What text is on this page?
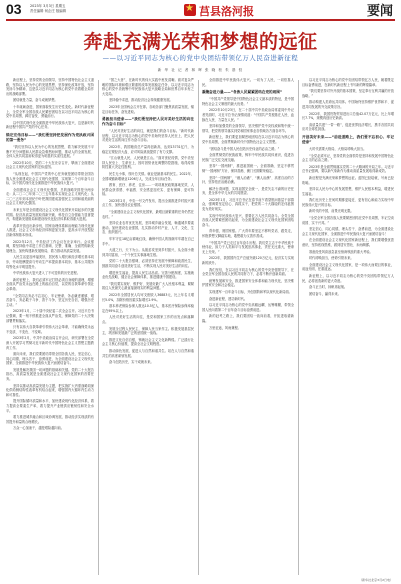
03 2023年 3月3日 星期五
责任编辑 何企庄 版编辑	★ 莒县洛河报	要闻
奔赴充满光荣和梦想的远征
——以习近平同志为核心的党中央团结带领亿万人民奋进新征程
新 华 社 记 者 林 晖 张 晓 松 朱 基 钗

新征程上，坚持党的全面领导，坚持中国特色社会主义道路，坚持以人民为中心的发展思想，坚持深化改革开放，坚持发扬斗争精神，这是以习近平同志为核心的党中央着眼全局作出的战略部署。

团结就是力量，奋斗成就梦想。

十年砥砺奋进，国家面貌发生历史性变化。新时代新征程上，全党全军全国各族人民紧密团结在以习近平同志为核心的党中央周围，踔厉奋发、勇毅前行。

以中国式现代化全面推进中华民族伟大复兴，这是新时代新征程中国共产党的中心任务。

锚定宏伟目标——“我们要坚持把发展作为党执政兴国的第一要务”

“我们坚持以人民为中心的发展思想，着力解决发展不平衡不充分问题和人民群众急难愁盼问题，推动人的全面发展、全体人民共同富裕取得更为明显的实质性进展。”

2022年10月，党的二十大在北京召开，擘画了全面建设社会主义现代化国家的宏伟蓝图。

“从现在起，中国共产党的中心任务就是团结带领全国各族人民全面建成社会主义现代化强国、实现第二个百年奋斗目标，以中国式现代化全面推进中华民族伟大复兴。”

全面建成社会主义现代化强国，总的战略安排是分两步走：从二〇二〇年到二〇三五年基本实现社会主义现代化；从二〇三五年到本世纪中叶把我国建成富强民主文明和谐美丽的社会主义现代化强国。

未来五年是全面建设社会主义现代化国家开局起步的关键时期。经济高质量发展取得新突破，科技自立自强能力显著提升，构建新发展格局和建设现代化经济体系取得重大进展。

改革开放迈出新步伐，国家治理体系和治理能力现代化深入推进，社会主义市场经济体制更加完善，更高水平开放型经济新体制基本形成。

2022年12月，中央经济工作会议在北京举行。会议强调，要坚持稳中求进工作总基调，完整、准确、全面贯彻新发展理念，加快构建新发展格局，着力推动高质量发展。

人民生活更加幸福美好，居民收入增长和经济增长基本同步，劳动报酬提高与劳动生产率提高基本同步，基本公共服务均等化水平明显提升。

中华民族伟大复兴进入了不可逆转的历史进程。

新的征程上，我们必须牢记打铁必须自身硬的道理，增强全面从严治党永远在路上的政治自觉，以党的自我革命引领社会革命。

“全党同志务必不忘初心、牢记使命，务必谦虚谨慎、艰苦奋斗，务必敢于斗争、善于斗争，坚定历史自信，增强历史主动。”

2023年1月，二十届中央纪委二次全会召开。习近平总书记强调，要一刻不停推进全面从严治党，保障党的二十大决策部署贯彻落实。

只有以伟大自我革命引领伟大社会革命，才能确保党永远不变质、不变色、不变味。

2023年2月，中共中央政治局召开会议，研究部署在全党深入开展学习贯彻习近平新时代中国特色社会主义思想主题教育工作。

面向未来，我们党要团结带领全国各族人民，坚定信心、同心同德，埋头苦干、奋勇前进，为全面建设社会主义现代化国家、全面推进中华民族伟大复兴而团结奋斗。

发展是解决我国一切问题的基础和关键。党的二十大报告指出，高质量发展是全面建设社会主义现代化国家的首要任务。

坚持以推动高质量发展为主题，把实施扩大内需战略同深化供给侧结构性改革有机结合起来，增强国内大循环内生动力和可靠性。

提升国际循环质量和水平，加快建设现代化经济体系，着力提高全要素生产率，着力提升产业链供应链韧性和安全水平。

着力推进城乡融合和区域协调发展，推动经济实现质的有效提升和量的合理增长。

万众一心加油干，越是艰险越向前。

“国之大者”，在新时代的伟大实践中愈发清晰。面对复杂严峻的国际环境和艰巨繁重的改革发展稳定任务，以习近平同志为核心的党中央统筹中华民族伟大复兴战略全局和世界百年未有之大变局。

坚持稳中求进，推动经济社会持续健康发展。

2023年全国两会召开在即。各地各部门聚焦高质量发展，锚定目标任务，奋发进取。

勇毅担当使命——“我们要坚持把人民对美好生活的向往作为奋斗目标”

“人民对美好生活的向往，就是我们的奋斗目标。”新时代新征程，以习近平同志为核心的党中央始终坚持人民至上，把人民对美好生活的向往作为奋斗目标。

2022年，我国粮食总产量再创新高，达到13731亿斤，为稳定宏观经济大盘、应对风险挑战提供了有力支撑。

“江山就是人民，人民就是江山。”面对世纪疫情，党中央坚持人民至上、生命至上，因时因势优化调整防控措施，取得疫情防控重大决定性胜利。

民生无小事，枝叶总关情。就业是最基本的民生。2022年，全国城镇新增就业1206万人，完成全年目标任务。

教育、医疗、养老、住房……一项项惠民政策落地见效，人民群众获得感、幸福感、安全感更加充实、更有保障、更可持续。

2023年2月，中央一号文件发布，提出全面推进乡村振兴重点工作，加快建设农业强国。

“全面建设社会主义现代化国家，最艰巨最繁重的任务仍然在农村。”

坚持农业农村优先发展，坚持城乡融合发展，畅通城乡要素流动。加快建设农业强国，扎实推动乡村产业、人才、文化、生态、组织振兴。

牢牢守住18亿亩耕地红线，确保中国人的饭碗牢牢端在自己手中。

大道之行，天下为公。从脱贫攻坚到乡村振兴，从全面小康到共同富裕，一个个民生实事落地生根。

党的二十大报告强调，必须坚持在发展中保障和改善民生，鼓励共同奋斗创造美好生活，不断实现人民对美好生活的向往。

增进民生福祉，提高人民生活品质。完善分配制度，实施就业优先战略，健全社会保障体系，推进健康中国建设。

“我们要实现好、维护好、发展好最广大人民根本利益，紧紧抓住人民最关心最直接最现实的利益问题。”

2022年全国居民人均可支配收入36883元，比上年名义增长5.0%，扣除价格因素实际增长2.9%。

基本养老保险参保人数达10.5亿人，基本医疗保险参保率稳定在95%以上。

人民对美好生活的向往，是党和国家工作的出发点和落脚点。

发展全过程人民民主，保障人民当家作主。积极发展基层民主，巩固和发展最广泛的爱国统一战线。

推进文化自信自强，铸就社会主义文化新辉煌。广泛践行社会主义核心价值观，提高全社会文明程度。

推动绿色发展，促进人与自然和谐共生。站在人与自然和谐共生的高度谋划发展。

奋斗创造历史，实干成就未来。

全面推进中华民族伟大复兴。一切为了人民，一切依靠人民。

凝聚奋进力量——“各族人民紧紧团结在党的周围”

“中国共产党领导是中国特色社会主义最本质的特征，是中国特色社会主义制度的最大优势。”

2022年10月23日，在二十届中共中央政治局常委同中外记者见面时，习近平总书记深情说道：“中国共产党根基在人民、血脉在人民、力量在人民。”

坚持和加强党的全面领导，坚决维护党中央权威和集中统一领导，把党的领导落实到党和国家事业各领域各方面各环节。

新征程上，我们要更加紧密地团结在以习近平同志为核心的党中央周围，全面贯彻新时代中国特色社会主义思想。

“团结奋斗是中国人民创造历史伟业的必由之路。”

全面贯彻党的民族政策，铸牢中华民族共同体意识，促进各民族广泛交往交流交融。

坚持“一国两制”，推进祖国统一。全面准确、坚定不移贯彻“一国两制”方针，保持香港、澳门长期繁荣稳定。

坚持“一国两制”、“港人治港”、“澳人治澳”、高度自治的方针，坚持依法治港治澳。

解决台湾问题、实现祖国完全统一，是党矢志不渝的历史任务，是全体中华儿女的共同愿望。

2023年1月，习近平总书记在春节前夕看望慰问基层干部群众，强调要坚定信心、真抓实干，把党的二十大描绘的宏伟蓝图变为美好现实。

实现中华民族伟大复兴，需要亿万人民共同奋斗。全党全国各族人民要紧密团结起来，为全面建设社会主义现代化国家团结奋斗。

青年强，则国家强。广大青年要坚定不移听党话、跟党走，怀抱梦想又脚踏实地，敢想敢为又善作善成。

“中国共产党已走过百年奋斗历程。我们党立志于中华民族千秋伟业，致力于人类和平与发展崇高事业，责任无比重大，使命无上光荣。”

2022年，我国国内生产总值突破120万亿元，经济实力实现新的跃升。

我们坚信，在以习近平同志为核心的党中央坚强领导下，在全党全军全国各族人民的共同努力下，必将不断开创新局面。

统筹发展和安全，推进国家安全体系和能力现代化，坚决维护国家安全和社会稳定。

实现建军一百年奋斗目标，开创国防和军队现代化新局面。

奋进新征程，建功新时代。

以习近平同志为核心的党中央高瞻远瞩、运筹帷幄，带领全国人民向着第二个百年奋斗目标奋勇前进。

新的赶考之路上，我们要团结一致向前看，开拓进取谱新篇。

万里征途，风雨兼程。

以习近平同志为核心的党中央团结带领亿万人民，朝着既定目标奋勇前进，在新时代新征程上书写新的辉煌篇章。

“我们要坚持对外开放的基本国策，坚定奉行互利共赢的开放战略。”

推动构建人类命运共同体。中国始终坚持维护世界和平、促进共同发展的外交政策宗旨。

2022年，我国货物贸易进出口总值42.07万亿元，比上年增长7.7%，规模再创历史新高。

高质量共建“一带一路”，促进世界经济增长，携手各国共同应对全球性挑战。

开创美好未来——“前进道路上，我们要不忘初心、牢记使命”

大时代需要大格局，大格局呼唤大担当。

“全党必须牢记，坚持党的全面领导是坚持和发展中国特色社会主义的必由之路。”

2023年是全面贯彻落实党的二十大精神的开局之年。习近平总书记强调，要以新气象新作为推动高质量发展取得新成效。

新征程是充满光荣和梦想的远征。蓝图已经绘就，号角已经吹响。

坚持以人民为中心的发展思想，维护人民根本利益，增进民生福祉。

我们比历史上任何时期都更接近、更有信心和能力实现中华民族伟大复兴的目标。

新时代的中国，前景光明无限。

“全党全军全国各族人民要紧密团结在党中央周围，牢记空谈误国、实干兴邦。”

坚定信心、同心同德，埋头苦干、奋勇前进，为全面建设社会主义现代化国家、全面推进中华民族伟大复兴而团结奋斗！

在全面建设社会主义现代化国家新征程上，我们要增强忧患意识，坚持底线思维，做到居安思危、未雨绸缪。

准备经受风高浪急甚至惊涛骇浪的重大考验。

时代呼唤担当，使命引领未来。

全面建设社会主义现代化国家，是一项伟大而艰巨的事业，前途光明，任重道远。

新征程上，以习近平同志为核心的党中央团结带领亿万人民，必将创造新的更大奇迹。

奋斗正当时，扬帆再起航。

团结奋斗，赢得未来。

（新华社北京3月2日电）
